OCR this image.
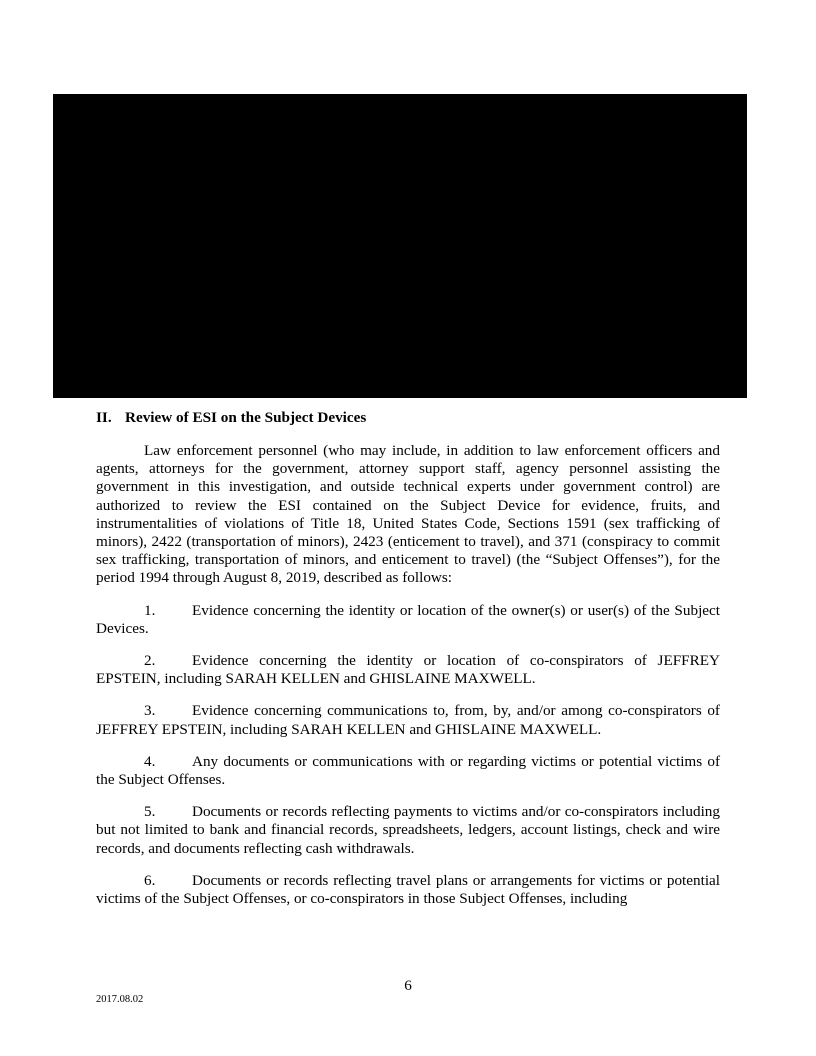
II. Review of ESI on the Subject Devices
Law enforcement personnel (who may include, in addition to law enforcement officers and agents, attorneys for the government, attorney support staff, agency personnel assisting the government in this investigation, and outside technical experts under government control) are authorized to review the ESI contained on the Subject Device for evidence, fruits, and instrumentalities of violations of Title 18, United States Code, Sections 1591 (sex trafficking of minors), 2422 (transportation of minors), 2423 (enticement to travel), and 371 (conspiracy to commit sex trafficking, transportation of minors, and enticement to travel) (the “Subject Offenses”), for the period 1994 through August 8, 2019, described as follows:
1. Evidence concerning the identity or location of the owner(s) or user(s) of the Subject Devices.
2. Evidence concerning the identity or location of co-conspirators of JEFFREY EPSTEIN, including SARAH KELLEN and GHISLAINE MAXWELL.
3. Evidence concerning communications to, from, by, and/or among co-conspirators of JEFFREY EPSTEIN, including SARAH KELLEN and GHISLAINE MAXWELL.
4. Any documents or communications with or regarding victims or potential victims of the Subject Offenses.
5. Documents or records reflecting payments to victims and/or co-conspirators including but not limited to bank and financial records, spreadsheets, ledgers, account listings, check and wire records, and documents reflecting cash withdrawals.
6. Documents or records reflecting travel plans or arrangements for victims or potential victims of the Subject Offenses, or co-conspirators in those Subject Offenses, including
6
2017.08.02
